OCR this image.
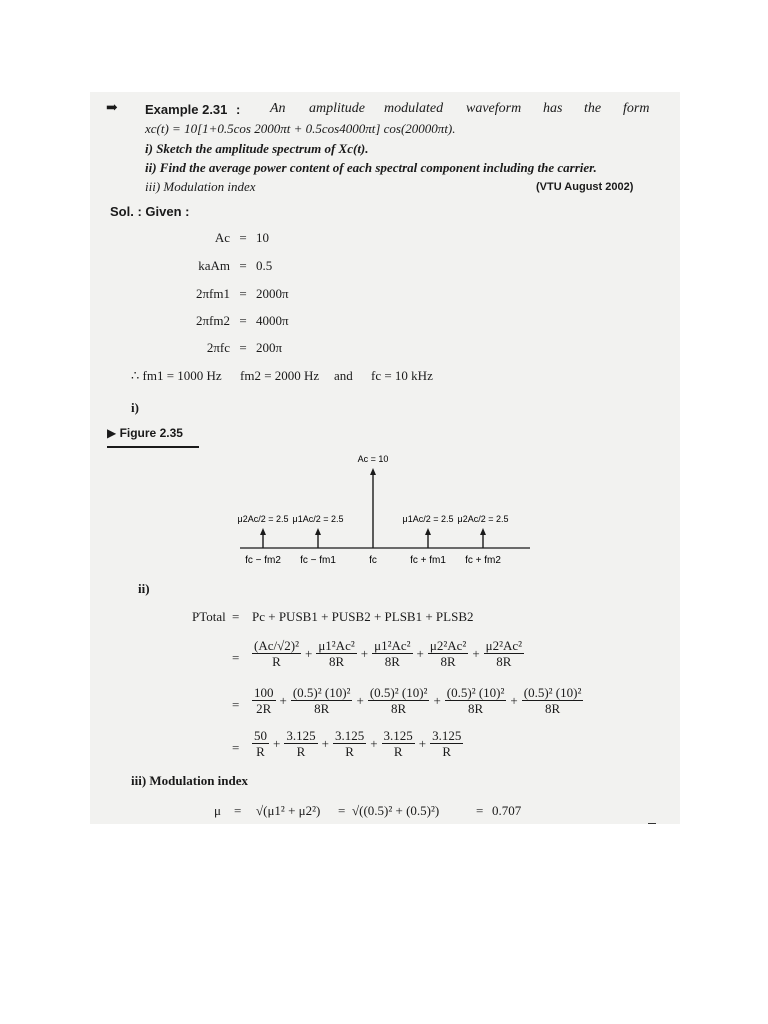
➡ Example 2.31 : An amplitude modulated waveform has the form
xc(t) = 10[1+0.5cos 2000πt + 0.5cos4000πt] cos(20000πt).
i) Sketch the amplitude spectrum of Xc(t).
ii) Find the average power content of each spectral component including the carrier.
iii) Modulation index	(VTU August 2002)
Sol. : Given :
Ac = 10
kaAm = 0.5
2πfm1 = 2000π
2πfm2 = 4000π
2πfc = 200π
∴ fm1 = 1000 Hz fm2 = 2000 Hz and fc = 10 kHz
i)
▶ Figure 2.35
μ2Ac/2 = 2.5
fc − fm2
μ1Ac/2 = 2.5
fc − fm1
Ac = 10
fc
μ1Ac/2 = 2.5
fc + fm1
μ2Ac/2 = 2.5
fc + fm2
ii)
PTotal = Pc + PUSB1 + PUSB2 + PLSB1 + PLSB2
= $\frac{\text{(Ac/√2)²}}{R} + \frac{\text{μ1²Ac²}}{8R} + \frac{\text{μ1²Ac²}}{8R} + \frac{\text{μ2²Ac²}}{8R} + \frac{\text{μ2²Ac²}}{8R}$
= $\frac{100}{2R} + \frac{\text{(0.5)² (10)²}}{8R} + \frac{\text{(0.5)² (10)²}}{8R} + \frac{\text{(0.5)² (10)²}}{8R} + \frac{\text{(0.5)² (10)²}}{8R}$
= $\frac{50}{R} + \frac{3.125}{R} + \frac{3.125}{R} + \frac{3.125}{R} + \frac{3.125}{R}$
iii) Modulation index
μ = √(μ1² + μ2²) = √((0.5)² + (0.5)²)	= 0.707
